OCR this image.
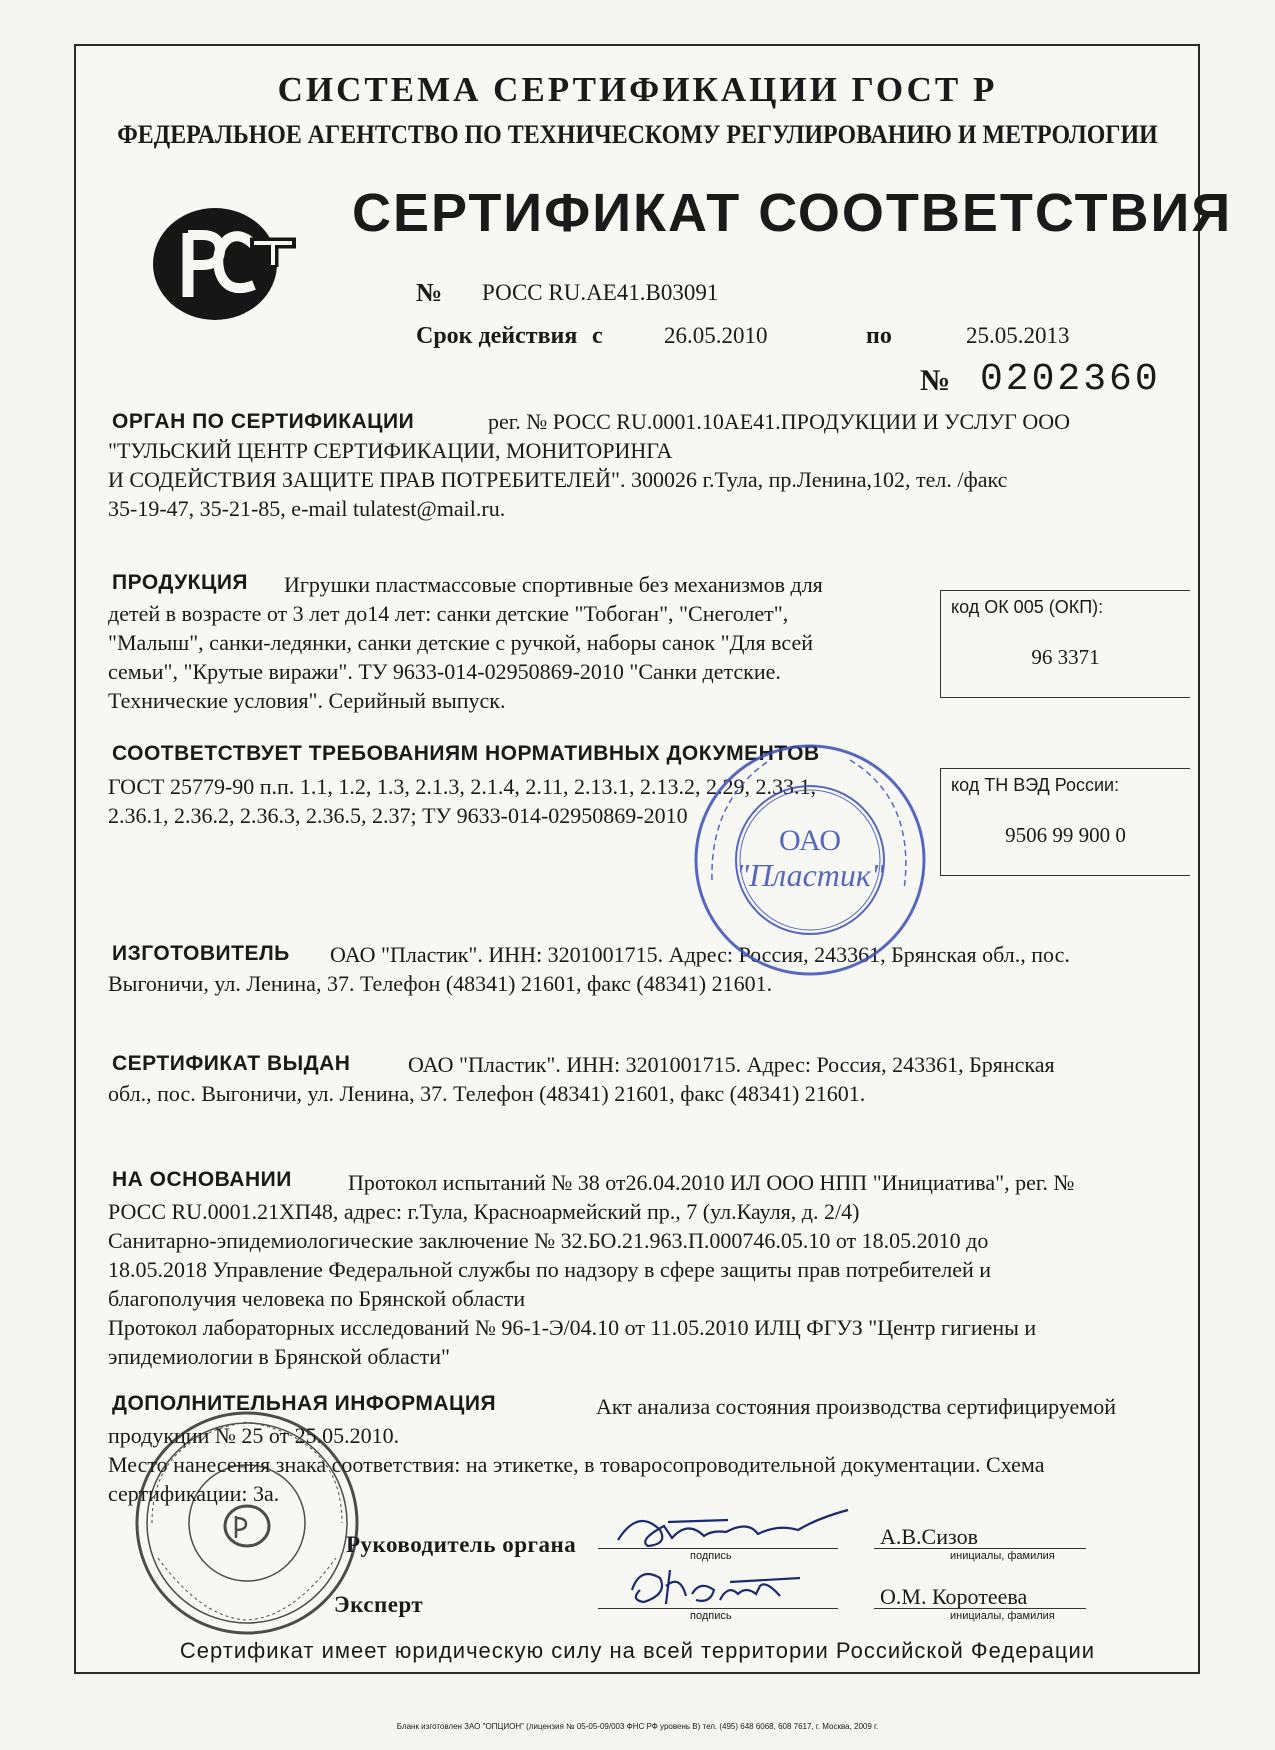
СИСТЕМА СЕРТИФИКАЦИИ ГОСТ Р
ФЕДЕРАЛЬНОЕ АГЕНТСТВО ПО ТЕХНИЧЕСКОМУ РЕГУЛИРОВАНИЮ И МЕТРОЛОГИИ
СЕРТИФИКАТ СООТВЕТСТВИЯ
№ РОСС RU.АЕ41.В03091
Срок действия с	26.05.2010	по	25.05.2013
№ 0202360
ОРГАН ПО СЕРТИФИКАЦИИ	рег. № РОСС RU.0001.10АЕ41.ПРОДУКЦИИ И УСЛУГ ООО
"ТУЛЬСКИЙ ЦЕНТР СЕРТИФИКАЦИИ, МОНИТОРИНГА
И СОДЕЙСТВИЯ ЗАЩИТЕ ПРАВ ПОТРЕБИТЕЛЕЙ". 300026 г.Тула, пр.Ленина,102, тел. /факс
35-19-47, 35-21-85, e-mail tulatest@mail.ru.
ПРОДУКЦИЯ	Игрушки пластмассовые спортивные без механизмов для
детей в возрасте от 3 лет до14 лет: санки детские "Тобоган", "Снеголет",
"Малыш", санки-ледянки, санки детские с ручкой, наборы санок "Для всей
семьи", "Крутые виражи". ТУ 9633-014-02950869-2010 "Санки детские.
Технические условия". Серийный выпуск.
код ОК 005 (ОКП):
96 3371
СООТВЕТСТВУЕТ ТРЕБОВАНИЯМ НОРМАТИВНЫХ ДОКУМЕНТОВ
ГОСТ 25779-90 п.п. 1.1, 1.2, 1.3, 2.1.3, 2.1.4, 2.11, 2.13.1, 2.13.2, 2.29, 2.33.1,
2.36.1, 2.36.2, 2.36.3, 2.36.5, 2.37; ТУ 9633-014-02950869-2010
код ТН ВЭД России:
9506 99 900 0
ИЗГОТОВИТЕЛЬ	ОАО "Пластик". ИНН: 3201001715. Адрес: Россия, 243361, Брянская обл., пос.
Выгоничи, ул. Ленина, 37. Телефон (48341) 21601, факс (48341) 21601.
СЕРТИФИКАТ ВЫДАН	ОАО "Пластик". ИНН: 3201001715. Адрес: Россия, 243361, Брянская
обл., пос. Выгоничи, ул. Ленина, 37. Телефон (48341) 21601, факс (48341) 21601.
НА ОСНОВАНИИ	Протокол испытаний № 38 от26.04.2010 ИЛ ООО НПП "Инициатива", рег. №
РОСС RU.0001.21ХП48, адрес: г.Тула, Красноармейский пр., 7 (ул.Кауля, д. 2/4)
Санитарно-эпидемиологические заключение № 32.БО.21.963.П.000746.05.10 от 18.05.2010 до
18.05.2018 Управление Федеральной службы по надзору в сфере защиты прав потребителей и
благополучия человека по Брянской области
Протокол лабораторных исследований № 96-1-Э/04.10 от 11.05.2010 ИЛЦ ФГУЗ "Центр гигиены и
эпидемиологии в Брянской области"
ДОПОЛНИТЕЛЬНАЯ ИНФОРМАЦИЯ	Акт анализа состояния производства сертифицируемой
продукции № 25 от 25.05.2010.
Место нанесения знака соответствия: на этикетке, в товаросопроводительной документации. Схема
сертификации: 3а.
Руководитель органа	подпись
А.В.Сизов
инициалы, фамилия
Эксперт	подпись
О.М. Коротеева
инициалы, фамилия
ОАО
"Пластик"
Сертификат имеет юридическую силу на всей территории Российской Федерации
Бланк изготовлен ЗАО "ОПЦИОН" (лицензия № 05-05-09/003 ФНС РФ уровень В) тел. (495) 648 6068, 608 7617, г. Москва, 2009 г.
